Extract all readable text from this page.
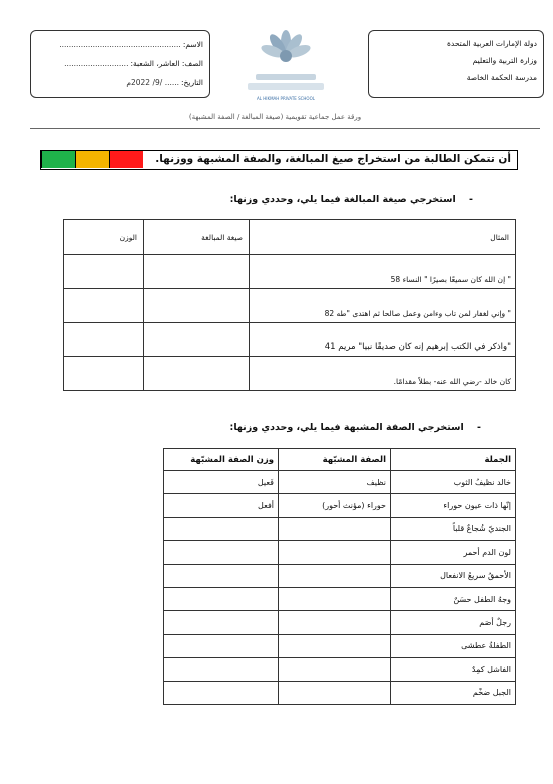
دولة الإمارات العربية المتحدة
وزارة التربية والتعليم
مدرسة الحكمة الخاصة
AL HIKMAH PRIVATE SCHOOL
الاسم:
...................................................
الصف: العاشر، الشعبة:
...........................
التاريخ:
...... /9/ 2022م
ورقة عمل جماعية تقويمية (صيغة المبالغة / الصفة المشبهة)
أن تتمكن الطالبة من استخراج صيغ المبالغة، والصفة المشبهة ووزنها.
- استخرجي صيغة المبالغة فيما يلي، وحددي وزنها:
المثال	صيغة المبالغة	الوزن
" إن الله كان سميعًا بصيرًا " النساء 58		
" وإني لغفار لمن تاب وءامن وعمل صالحا ثم اهتدى "طه 82		
"واذكر في الكتب إبرهيم إنه كان صديقًا نبيا" مريم 41		
كان خالد -رضي الله عنه- بطلاً مقدامًا.		
- استخرجي الصفة المشبهة فيما يلي، وحددي وزنها:
الجملة	الصفة المشبّهة	وزن الصفة المشبّهة
خالد نظيفُ الثوب	نظيف	فَعيل
إنّها ذات عيون حوراء	حوراء (مؤنث أحور)	أفعل
الجنديّ شُجاعٌ قلباً		
لون الدم أحمر		
الأحمقُ سريعُ الانفعال		
وجهُ الطفل حسَنٌ		
رجلٌ أصَم		
الطفلةُ عطشى		
الفاشل كمِدٌ		
الجبل ضخْم		
